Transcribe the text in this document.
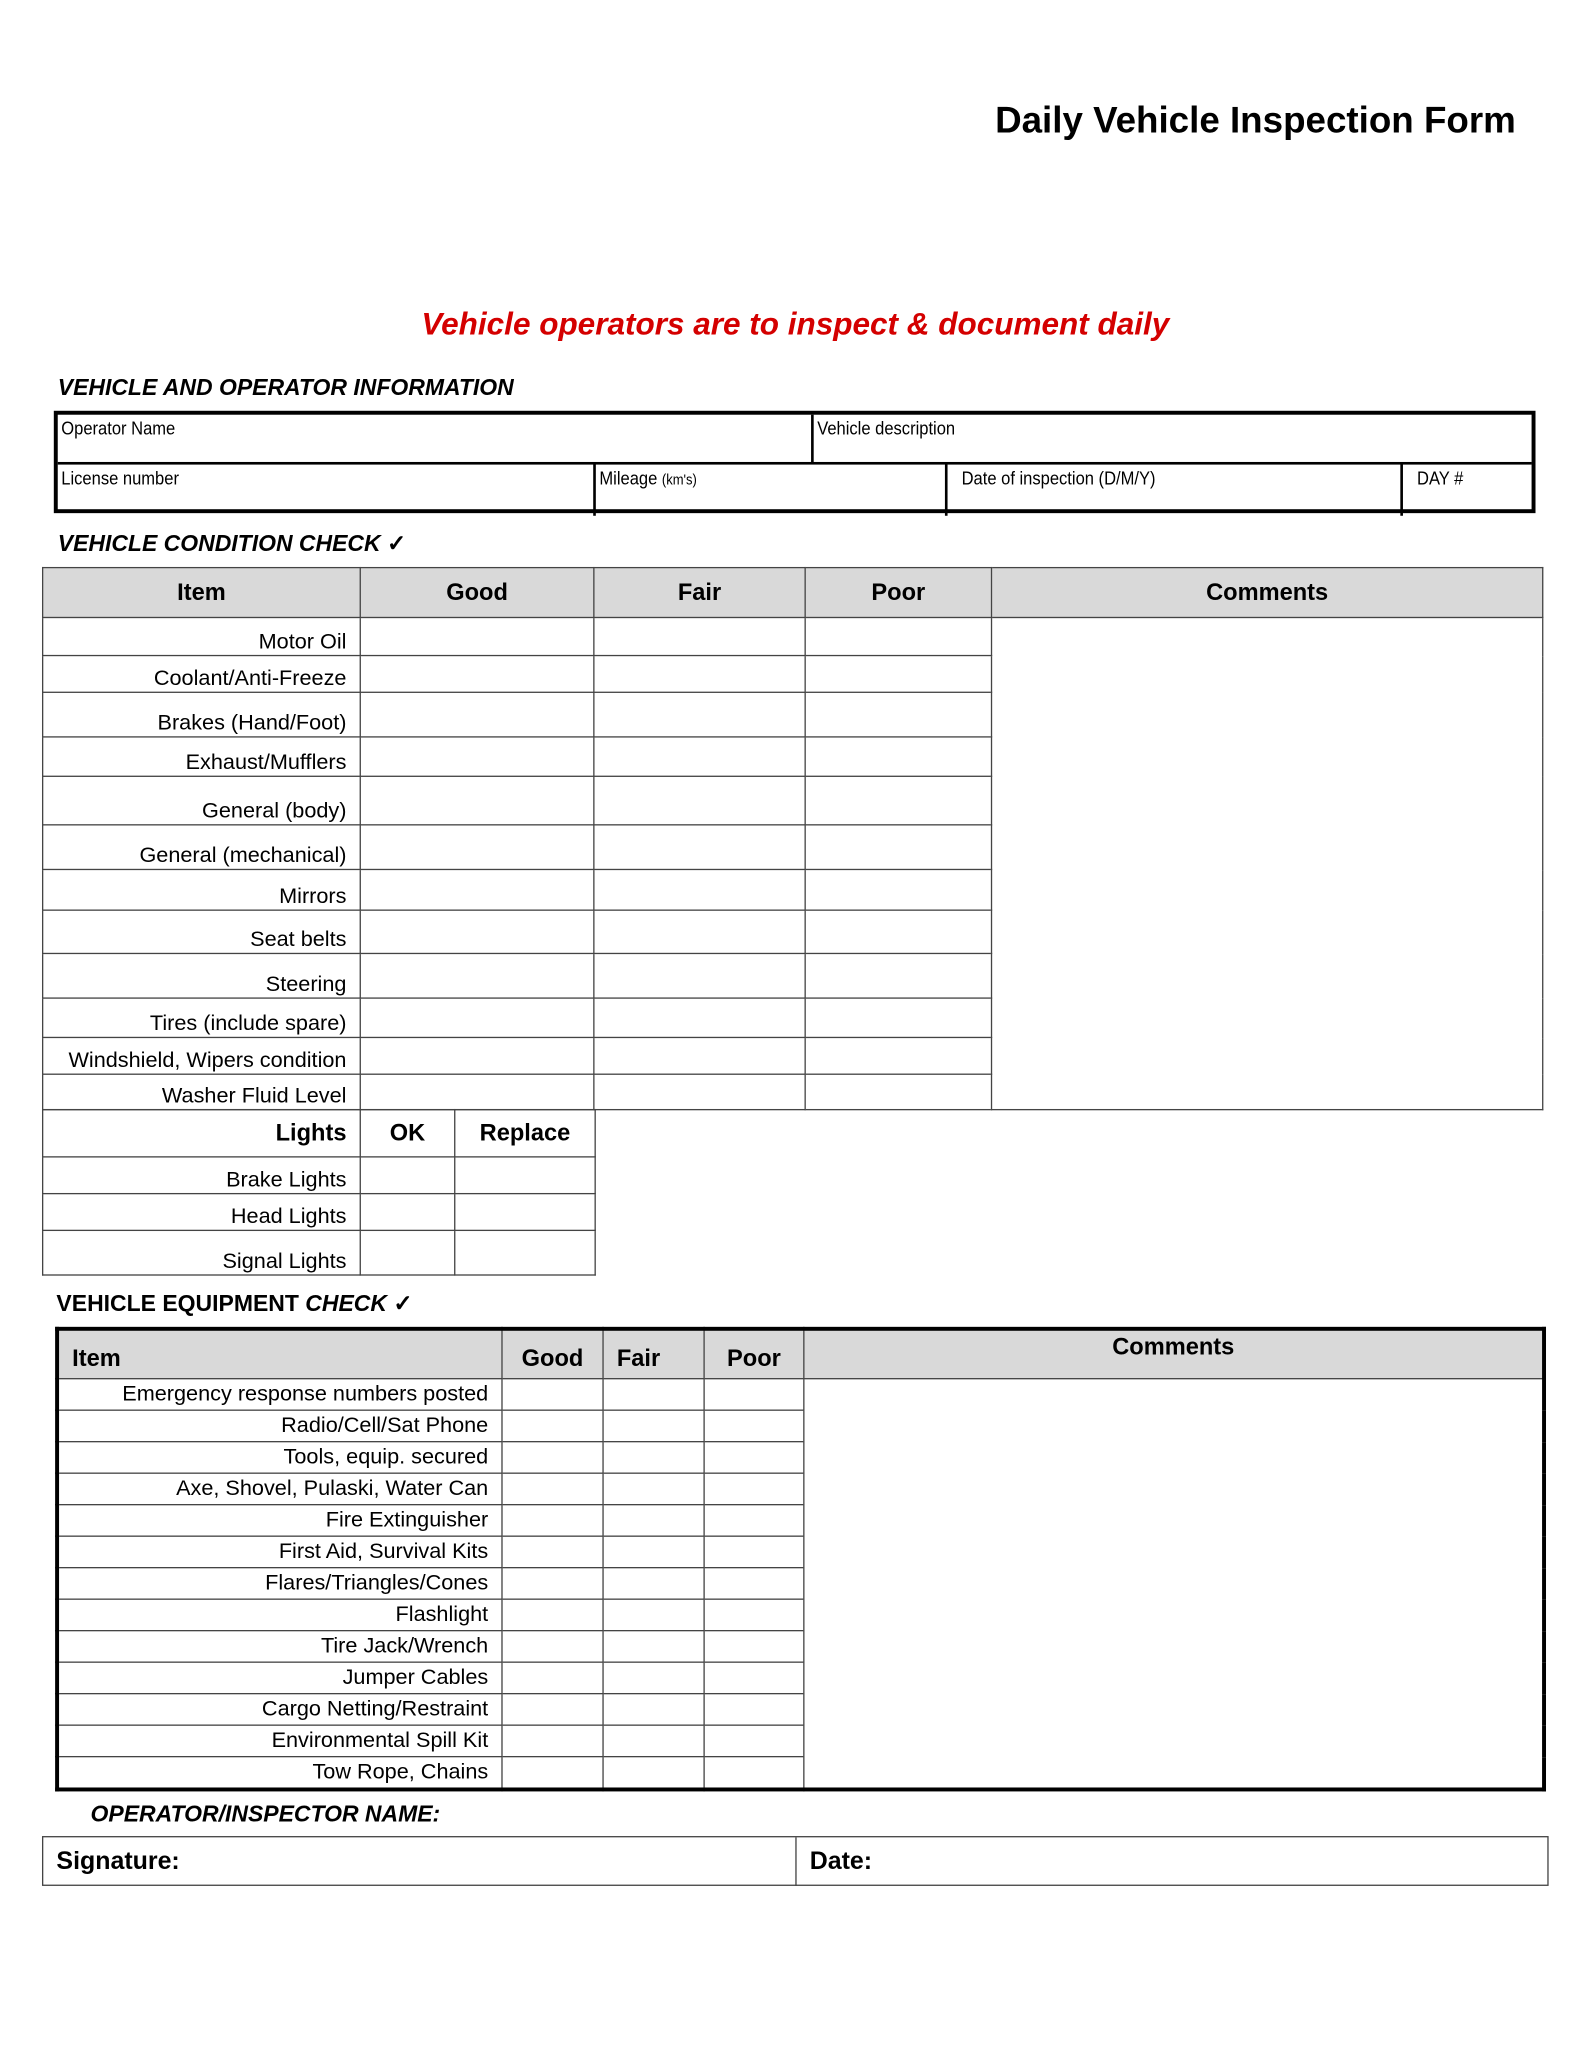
Daily Vehicle Inspection Form
Vehicle operators are to inspect & document daily
VEHICLE AND OPERATOR INFORMATION
Operator Name	Vehicle description
License number	Mileage (km's)	Date of inspection (D/M/Y)	DAY #
VEHICLE CONDITION CHECK ✓
Item	Good	Fair	Poor	Comments
Motor Oil				
Coolant/Anti-Freeze				
Brakes (Hand/Foot)				
Exhaust/Mufflers				
General (body)				
General (mechanical)				
Mirrors				
Seat belts				
Steering				
Tires (include spare)				
Windshield, Wipers condition				
Washer Fluid Level				
Lights	OK	Replace
Brake Lights		
Head Lights		
Signal Lights		
VEHICLE EQUIPMENT CHECK ✓
Item	Good	Fair	Poor	Comments
Emergency response numbers posted				
Radio/Cell/Sat Phone				
Tools, equip. secured				
Axe, Shovel, Pulaski, Water Can				
Fire Extinguisher				
First Aid, Survival Kits				
Flares/Triangles/Cones				
Flashlight				
Tire Jack/Wrench				
Jumper Cables				
Cargo Netting/Restraint				
Environmental Spill Kit				
Tow Rope, Chains				
OPERATOR/INSPECTOR NAME:
Signature:	Date:
